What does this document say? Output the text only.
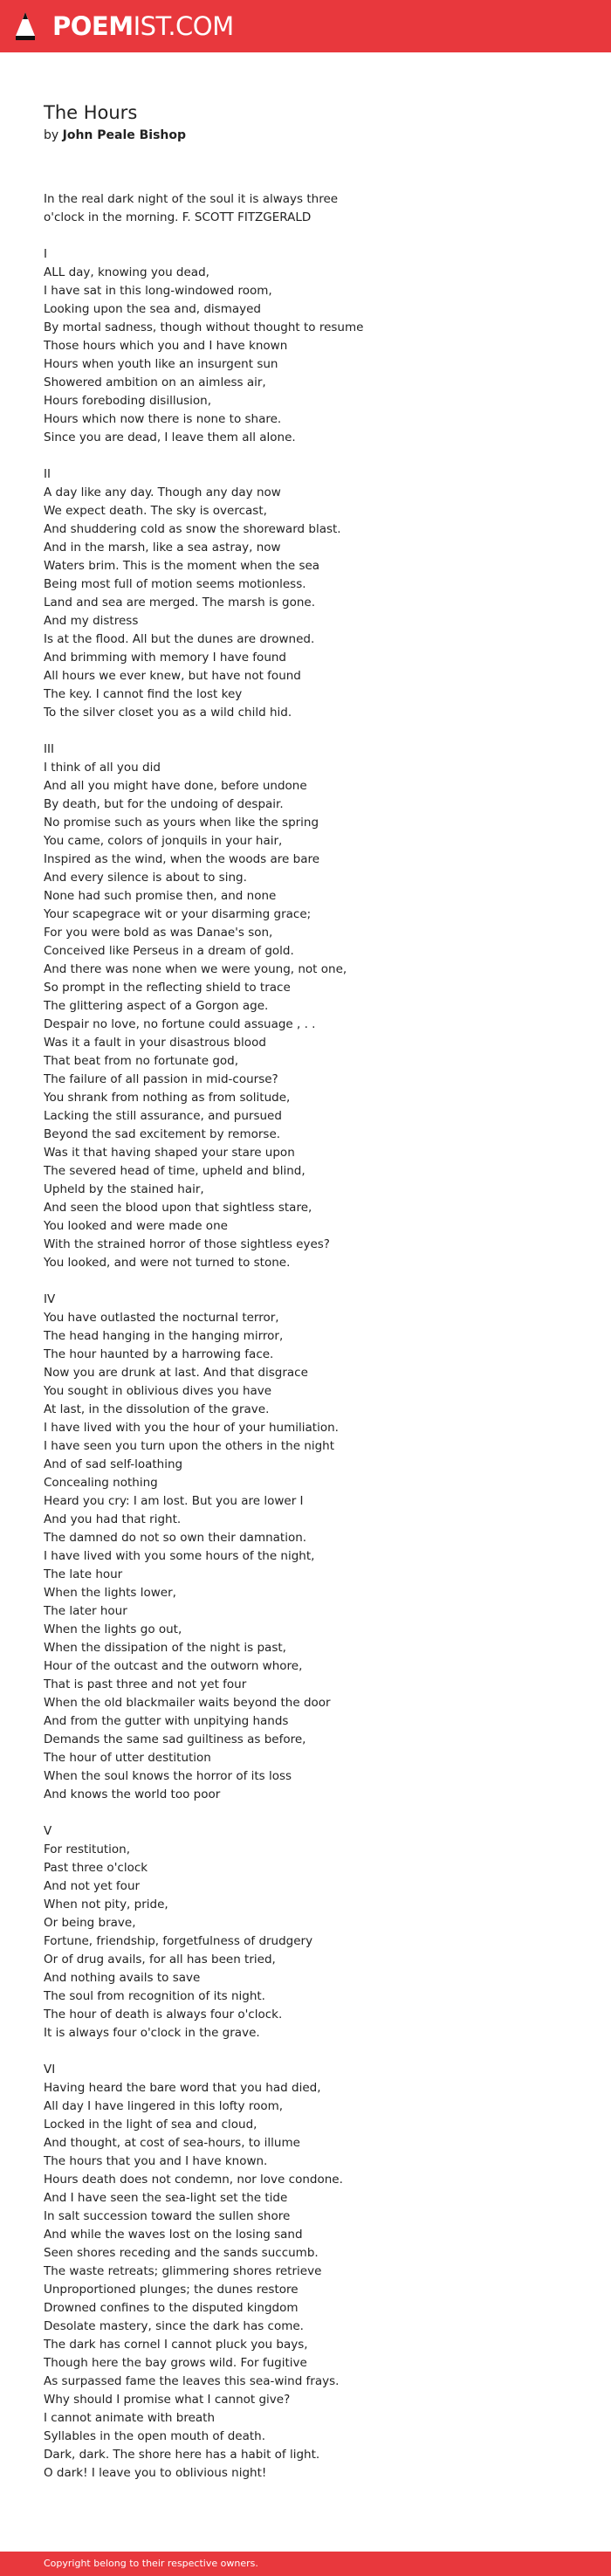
POEMIST.COM
The Hours
by John Peale Bishop
In the real dark night of the soul it is always three
o'clock in the morning. F. SCOTT FITZGERALD
I
ALL day, knowing you dead,
I have sat in this long-windowed room,
Looking upon the sea and, dismayed
By mortal sadness, though without thought to resume
Those hours which you and I have known
Hours when youth like an insurgent sun
Showered ambition on an aimless air,
Hours foreboding disillusion,
Hours which now there is none to share.
Since you are dead, I leave them all alone.
II
A day like any day. Though any day now
We expect death. The sky is overcast,
And shuddering cold as snow the shoreward blast.
And in the marsh, like a sea astray, now
Waters brim. This is the moment when the sea
Being most full of motion seems motionless.
Land and sea are merged. The marsh is gone.
And my distress
Is at the flood. All but the dunes are drowned.
And brimming with memory I have found
All hours we ever knew, but have not found
The key. I cannot find the lost key
To the silver closet you as a wild child hid.
III
I think of all you did
And all you might have done, before undone
By death, but for the undoing of despair.
No promise such as yours when like the spring
You came, colors of jonquils in your hair,
Inspired as the wind, when the woods are bare
And every silence is about to sing.
None had such promise then, and none
Your scapegrace wit or your disarming grace;
For you were bold as was Danae's son,
Conceived like Perseus in a dream of gold.
And there was none when we were young, not one,
So prompt in the reflecting shield to trace
The glittering aspect of a Gorgon age.
Despair no love, no fortune could assuage , . .
Was it a fault in your disastrous blood
That beat from no fortunate god,
The failure of all passion in mid-course?
You shrank from nothing as from solitude,
Lacking the still assurance, and pursued
Beyond the sad excitement by remorse.
Was it that having shaped your stare upon
The severed head of time, upheld and blind,
Upheld by the stained hair,
And seen the blood upon that sightless stare,
You looked and were made one
With the strained horror of those sightless eyes?
You looked, and were not turned to stone.
IV
You have outlasted the nocturnal terror,
The head hanging in the hanging mirror,
The hour haunted by a harrowing face.
Now you are drunk at last. And that disgrace
You sought in oblivious dives you have
At last, in the dissolution of the grave.
I have lived with you the hour of your humiliation.
I have seen you turn upon the others in the night
And of sad self-loathing
Concealing nothing
Heard you cry: I am lost. But you are lower I
And you had that right.
The damned do not so own their damnation.
I have lived with you some hours of the night,
The late hour
When the lights lower,
The later hour
When the lights go out,
When the dissipation of the night is past,
Hour of the outcast and the outworn whore,
That is past three and not yet four
When the old blackmailer waits beyond the door
And from the gutter with unpitying hands
Demands the same sad guiltiness as before,
The hour of utter destitution
When the soul knows the horror of its loss
And knows the world too poor
V
For restitution,
Past three o'clock
And not yet four
When not pity, pride,
Or being brave,
Fortune, friendship, forgetfulness of drudgery
Or of drug avails, for all has been tried,
And nothing avails to save
The soul from recognition of its night.
The hour of death is always four o'clock.
It is always four o'clock in the grave.
VI
Having heard the bare word that you had died,
All day I have lingered in this lofty room,
Locked in the light of sea and cloud,
And thought, at cost of sea-hours, to illume
The hours that you and I have known.
Hours death does not condemn, nor love condone.
And I have seen the sea-light set the tide
In salt succession toward the sullen shore
And while the waves lost on the losing sand
Seen shores receding and the sands succumb.
The waste retreats; glimmering shores retrieve
Unproportioned plunges; the dunes restore
Drowned confines to the disputed kingdom
Desolate mastery, since the dark has come.
The dark has cornel I cannot pluck you bays,
Though here the bay grows wild. For fugitive
As surpassed fame the leaves this sea-wind frays.
Why should I promise what I cannot give?
I cannot animate with breath
Syllables in the open mouth of death.
Dark, dark. The shore here has a habit of light.
O dark! I leave you to oblivious night!
Copyright belong to their respective owners.
